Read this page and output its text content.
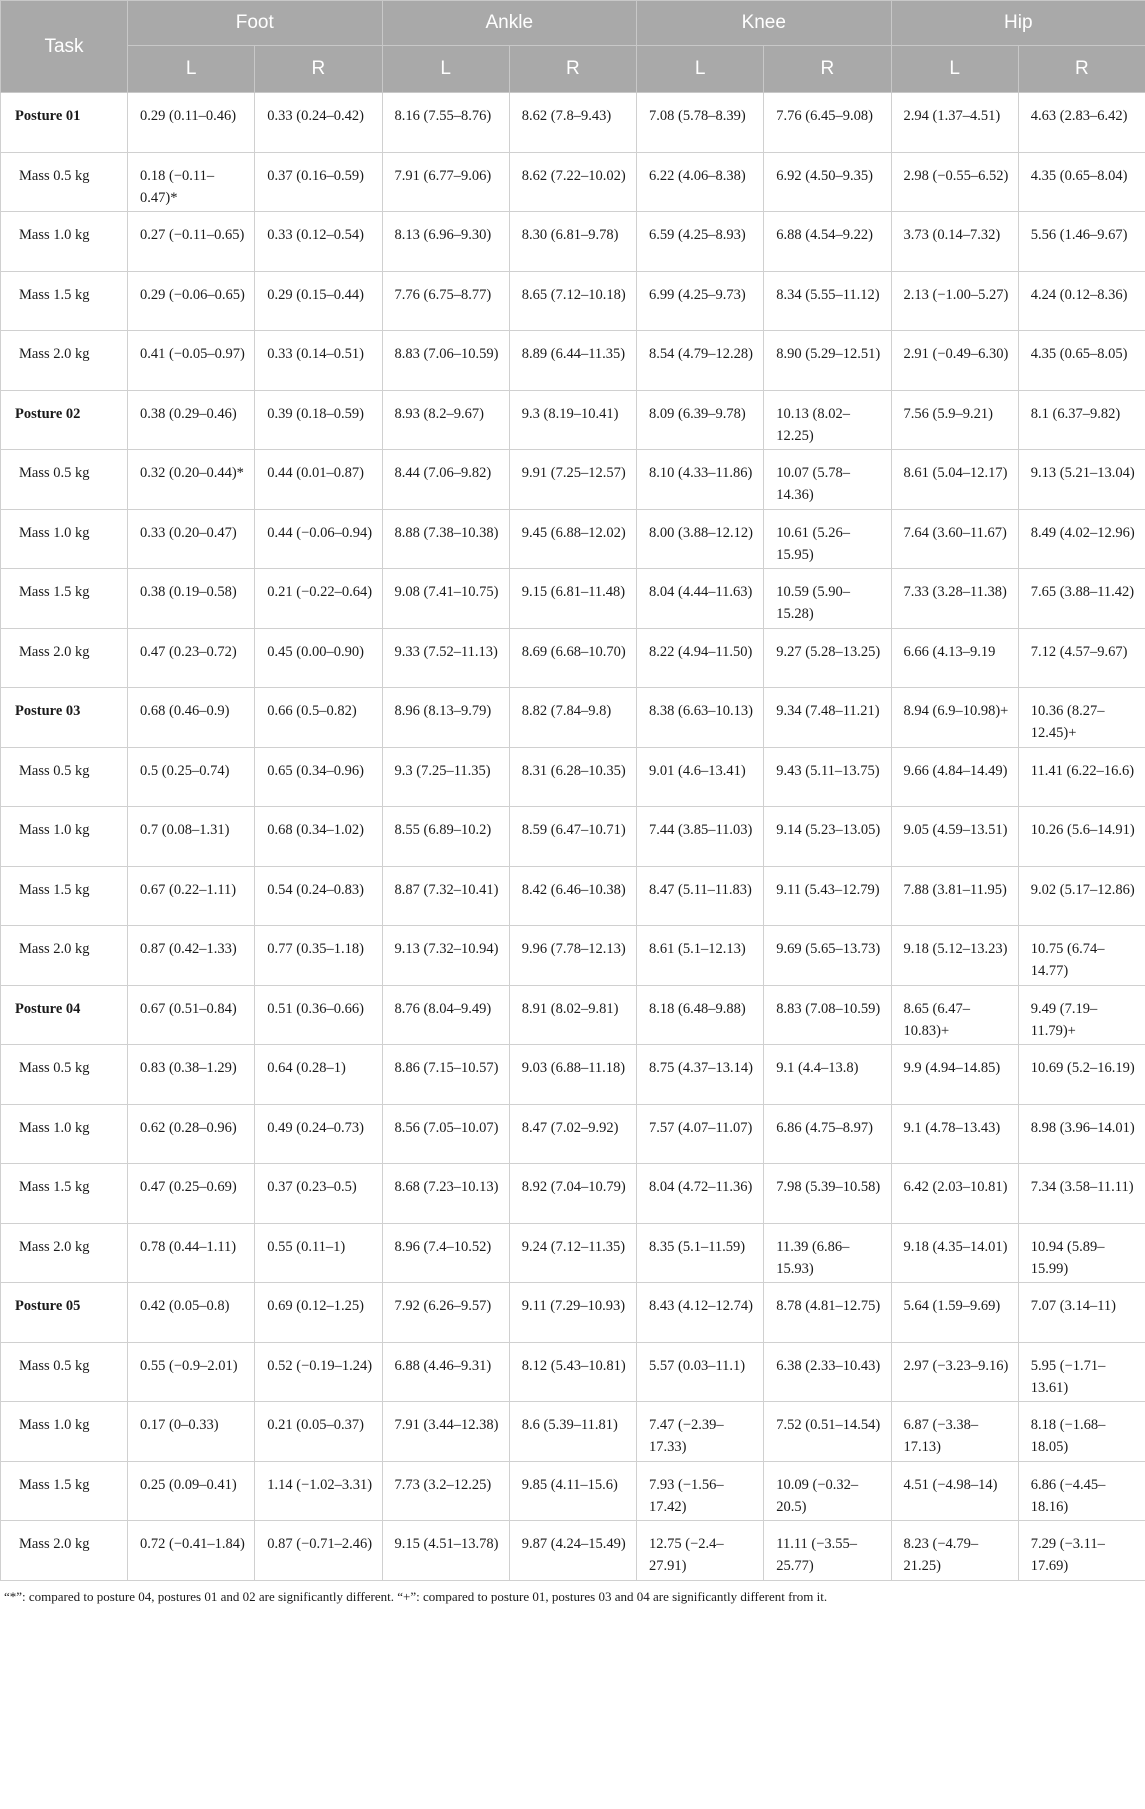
Task	Foot		Ankle		Knee		Hip	
	L	R	L	R	L	R	L	R
Posture 01	0.29 (0.11–0.46)	0.33 (0.24–0.42)	8.16 (7.55–8.76)	8.62 (7.8–9.43)	7.08 (5.78–8.39)	7.76 (6.45–9.08)	2.94 (1.37–4.51)	4.63 (2.83–6.42)
Mass 0.5 kg	0.18 (−0.11–0.47)*	0.37 (0.16–0.59)	7.91 (6.77–9.06)	8.62 (7.22–10.02)	6.22 (4.06–8.38)	6.92 (4.50–9.35)	2.98 (−0.55–6.52)	4.35 (0.65–8.04)
Mass 1.0 kg	0.27 (−0.11–0.65)	0.33 (0.12–0.54)	8.13 (6.96–9.30)	8.30 (6.81–9.78)	6.59 (4.25–8.93)	6.88 (4.54–9.22)	3.73 (0.14–7.32)	5.56 (1.46–9.67)
Mass 1.5 kg	0.29 (−0.06–0.65)	0.29 (0.15–0.44)	7.76 (6.75–8.77)	8.65 (7.12–10.18)	6.99 (4.25–9.73)	8.34 (5.55–11.12)	2.13 (−1.00–5.27)	4.24 (0.12–8.36)
Mass 2.0 kg	0.41 (−0.05–0.97)	0.33 (0.14–0.51)	8.83 (7.06–10.59)	8.89 (6.44–11.35)	8.54 (4.79–12.28)	8.90 (5.29–12.51)	2.91 (−0.49–6.30)	4.35 (0.65–8.05)
Posture 02	0.38 (0.29–0.46)	0.39 (0.18–0.59)	8.93 (8.2–9.67)	9.3 (8.19–10.41)	8.09 (6.39–9.78)	10.13 (8.02–12.25)	7.56 (5.9–9.21)	8.1 (6.37–9.82)
Mass 0.5 kg	0.32 (0.20–0.44)*	0.44 (0.01–0.87)	8.44 (7.06–9.82)	9.91 (7.25–12.57)	8.10 (4.33–11.86)	10.07 (5.78–14.36)	8.61 (5.04–12.17)	9.13 (5.21–13.04)
Mass 1.0 kg	0.33 (0.20–0.47)	0.44 (−0.06–0.94)	8.88 (7.38–10.38)	9.45 (6.88–12.02)	8.00 (3.88–12.12)	10.61 (5.26–15.95)	7.64 (3.60–11.67)	8.49 (4.02–12.96)
Mass 1.5 kg	0.38 (0.19–0.58)	0.21 (−0.22–0.64)	9.08 (7.41–10.75)	9.15 (6.81–11.48)	8.04 (4.44–11.63)	10.59 (5.90–15.28)	7.33 (3.28–11.38)	7.65 (3.88–11.42)
Mass 2.0 kg	0.47 (0.23–0.72)	0.45 (0.00–0.90)	9.33 (7.52–11.13)	8.69 (6.68–10.70)	8.22 (4.94–11.50)	9.27 (5.28–13.25)	6.66 (4.13–9.19	7.12 (4.57–9.67)
Posture 03	0.68 (0.46–0.9)	0.66 (0.5–0.82)	8.96 (8.13–9.79)	8.82 (7.84–9.8)	8.38 (6.63–10.13)	9.34 (7.48–11.21)	8.94 (6.9–10.98)+	10.36 (8.27–12.45)+
Mass 0.5 kg	0.5 (0.25–0.74)	0.65 (0.34–0.96)	9.3 (7.25–11.35)	8.31 (6.28–10.35)	9.01 (4.6–13.41)	9.43 (5.11–13.75)	9.66 (4.84–14.49)	11.41 (6.22–16.6)
Mass 1.0 kg	0.7 (0.08–1.31)	0.68 (0.34–1.02)	8.55 (6.89–10.2)	8.59 (6.47–10.71)	7.44 (3.85–11.03)	9.14 (5.23–13.05)	9.05 (4.59–13.51)	10.26 (5.6–14.91)
Mass 1.5 kg	0.67 (0.22–1.11)	0.54 (0.24–0.83)	8.87 (7.32–10.41)	8.42 (6.46–10.38)	8.47 (5.11–11.83)	9.11 (5.43–12.79)	7.88 (3.81–11.95)	9.02 (5.17–12.86)
Mass 2.0 kg	0.87 (0.42–1.33)	0.77 (0.35–1.18)	9.13 (7.32–10.94)	9.96 (7.78–12.13)	8.61 (5.1–12.13)	9.69 (5.65–13.73)	9.18 (5.12–13.23)	10.75 (6.74–14.77)
Posture 04	0.67 (0.51–0.84)	0.51 (0.36–0.66)	8.76 (8.04–9.49)	8.91 (8.02–9.81)	8.18 (6.48–9.88)	8.83 (7.08–10.59)	8.65 (6.47–10.83)+	9.49 (7.19–11.79)+
Mass 0.5 kg	0.83 (0.38–1.29)	0.64 (0.28–1)	8.86 (7.15–10.57)	9.03 (6.88–11.18)	8.75 (4.37–13.14)	9.1 (4.4–13.8)	9.9 (4.94–14.85)	10.69 (5.2–16.19)
Mass 1.0 kg	0.62 (0.28–0.96)	0.49 (0.24–0.73)	8.56 (7.05–10.07)	8.47 (7.02–9.92)	7.57 (4.07–11.07)	6.86 (4.75–8.97)	9.1 (4.78–13.43)	8.98 (3.96–14.01)
Mass 1.5 kg	0.47 (0.25–0.69)	0.37 (0.23–0.5)	8.68 (7.23–10.13)	8.92 (7.04–10.79)	8.04 (4.72–11.36)	7.98 (5.39–10.58)	6.42 (2.03–10.81)	7.34 (3.58–11.11)
Mass 2.0 kg	0.78 (0.44–1.11)	0.55 (0.11–1)	8.96 (7.4–10.52)	9.24 (7.12–11.35)	8.35 (5.1–11.59)	11.39 (6.86–15.93)	9.18 (4.35–14.01)	10.94 (5.89–15.99)
Posture 05	0.42 (0.05–0.8)	0.69 (0.12–1.25)	7.92 (6.26–9.57)	9.11 (7.29–10.93)	8.43 (4.12–12.74)	8.78 (4.81–12.75)	5.64 (1.59–9.69)	7.07 (3.14–11)
Mass 0.5 kg	0.55 (−0.9–2.01)	0.52 (−0.19–1.24)	6.88 (4.46–9.31)	8.12 (5.43–10.81)	5.57 (0.03–11.1)	6.38 (2.33–10.43)	2.97 (−3.23–9.16)	5.95 (−1.71–13.61)
Mass 1.0 kg	0.17 (0–0.33)	0.21 (0.05–0.37)	7.91 (3.44–12.38)	8.6 (5.39–11.81)	7.47 (−2.39–17.33)	7.52 (0.51–14.54)	6.87 (−3.38–17.13)	8.18 (−1.68–18.05)
Mass 1.5 kg	0.25 (0.09–0.41)	1.14 (−1.02–3.31)	7.73 (3.2–12.25)	9.85 (4.11–15.6)	7.93 (−1.56–17.42)	10.09 (−0.32–20.5)	4.51 (−4.98–14)	6.86 (−4.45–18.16)
Mass 2.0 kg	0.72 (−0.41–1.84)	0.87 (−0.71–2.46)	9.15 (4.51–13.78)	9.87 (4.24–15.49)	12.75 (−2.4–27.91)	11.11 (−3.55–25.77)	8.23 (−4.79–21.25)	7.29 (−3.11–17.69)
“*”: compared to posture 04, postures 01 and 02 are significantly different. “+”: compared to posture 01, postures 03 and 04 are significantly different from it.
